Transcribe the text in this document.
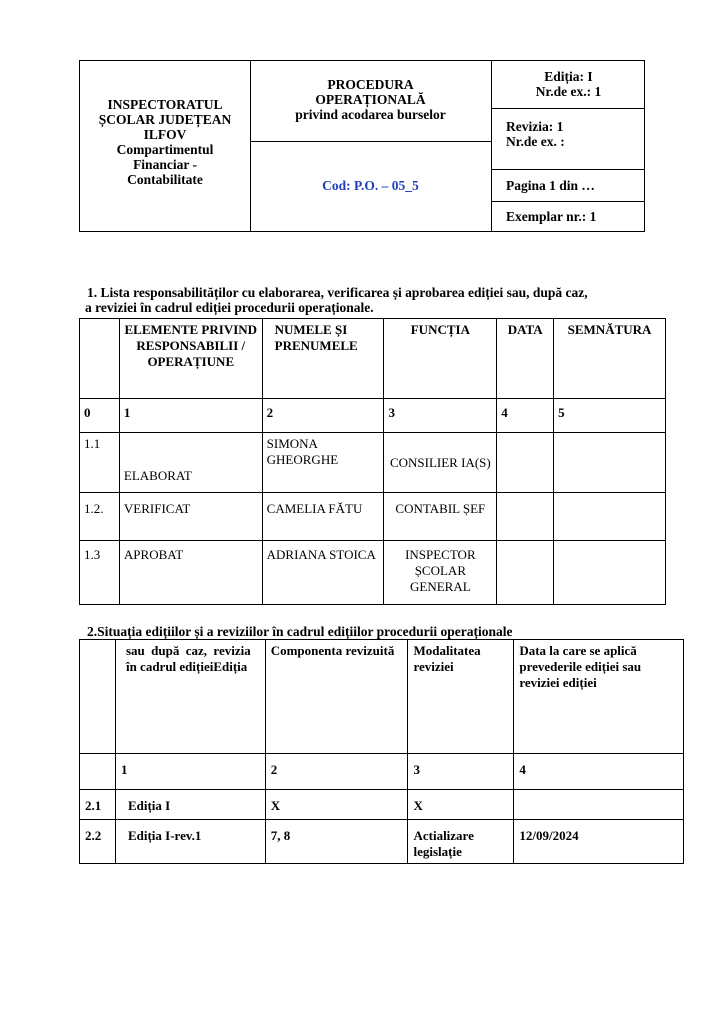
INSPECTORATUL
ȘCOLAR JUDEȚEAN
ILFOV
Compartimentul
Financiar -
Contabilitate
PROCEDURA
OPERAȚIONALĂ
privind acodarea burselor
Cod: P.O. – 05_5
Ediția: I
Nr.de ex.: 1
Revizia: 1
Nr.de ex. :
Pagina 1 din …
Exemplar nr.: 1
1. Lista responsabilităților cu elaborarea, verificarea și aprobarea ediției sau, după caz,
a reviziei în cadrul ediției procedurii operaționale.
	ELEMENTE PRIVIND RESPONSABILII / OPERAȚIUNE	NUMELE ȘI PRENUMELE	FUNCȚIA	DATA	SEMNĂTURA
0	1	2	3	4	5
1.1	ELABORAT	SIMONA GHEORGHE	CONSILIER IA(S)		
1.2.	VERIFICAT	CAMELIA FĂTU	CONTABIL ȘEF		
1.3	APROBAT	ADRIANA STOICA	INSPECTOR ȘCOLAR GENERAL		
2.Situația edițiilor și a reviziilor în cadrul edițiilor procedurii operaționale
	sau după caz, revizia în cadrul edițieiEdiția	Componenta revizuită	Modalitatea reviziei	Data la care se aplică prevederile ediției sau reviziei ediției
	1	2	3	4
2.1	Ediția I	X	X	
2.2	Ediția I-rev.1	7, 8	Actializare legislație	12/09/2024
